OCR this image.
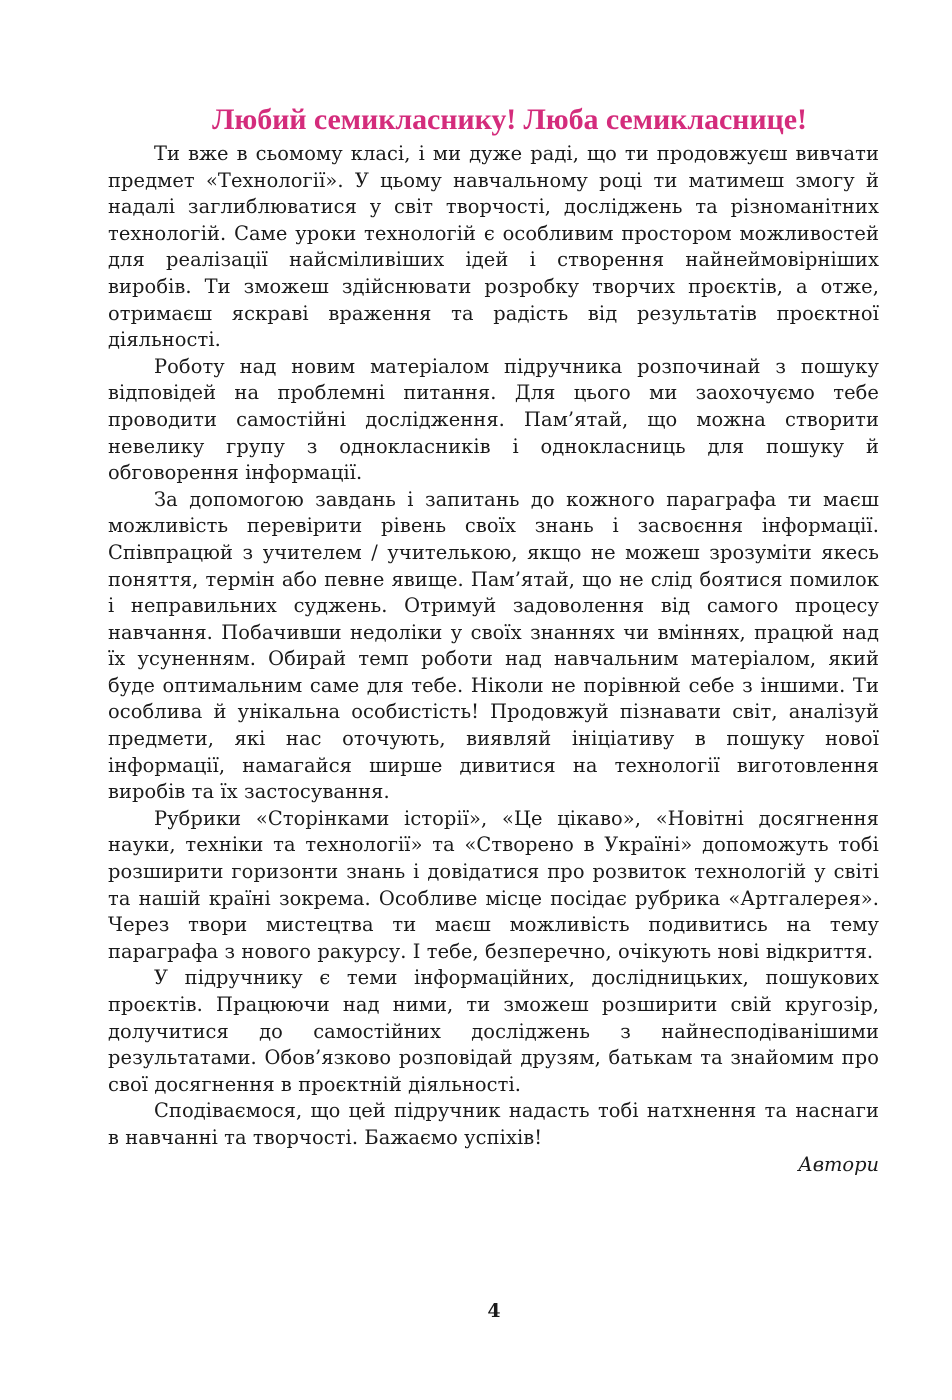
Любий семикласнику! Люба семикласнице!

Ти вже в сьомому класі, і ми дуже раді, що ти продовжуєш вивчати предмет «Технології». У цьому навчальному році ти матимеш змогу й надалі заглиблюватися у світ творчості, досліджень та різноманітних технологій. Саме уроки технологій є особливим простором можливостей для реалізації найсміливіших ідей і створення найнеймовірніших виробів. Ти зможеш здійснювати розробку творчих проєктів, а отже, отримаєш яскраві враження та радість від результатів проєктної діяльності.

Роботу над новим матеріалом підручника розпочинай з пошуку відповідей на проблемні питання. Для цього ми заохочуємо тебе проводити самостійні дослідження. Пам’ятай, що можна створити невелику групу з однокласників і однокласниць для пошуку й обговорення інформації.

За допомогою завдань і запитань до кожного параграфа ти маєш можливість перевірити рівень своїх знань і засвоєння інформації. Співпрацюй з учителем / учителькою, якщо не можеш зрозуміти якесь поняття, термін або певне явище. Пам’ятай, що не слід боятися помилок і неправильних суджень. Отримуй задоволення від самого процесу навчання. Побачивши недоліки у своїх знаннях чи вміннях, працюй над їх усуненням. Обирай темп роботи над навчальним матеріалом, який буде оптимальним саме для тебе. Ніколи не порівнюй себе з іншими. Ти особлива й унікальна особистість! Продовжуй пізнавати світ, аналізуй предмети, які нас оточують, виявляй ініціативу в пошуку нової інформації, намагайся ширше дивитися на технології виготовлення виробів та їх застосування.

Рубрики «Сторінками історії», «Це цікаво», «Новітні досягнення науки, техніки та технології» та «Створено в Україні» допоможуть тобі розширити горизонти знань і довідатися про розвиток технологій у світі та нашій країні зокрема. Особливе місце посідає рубрика «Артгалерея». Через твори мистецтва ти маєш можливість подивитись на тему параграфа з нового ракурсу. І тебе, безперечно, очікують нові відкриття.

У підручнику є теми інформаційних, дослідницьких, пошукових проєктів. Працюючи над ними, ти зможеш розширити свій кругозір, долучитися до самостійних досліджень з найнесподіванішими результатами. Обов’язково розповідай друзям, батькам та знайомим про свої досягнення в проєктній діяльності.

Сподіваємося, що цей підручник надасть тобі натхнення та наснаги в навчанні та творчості. Бажаємо успіхів!

Автори

4
